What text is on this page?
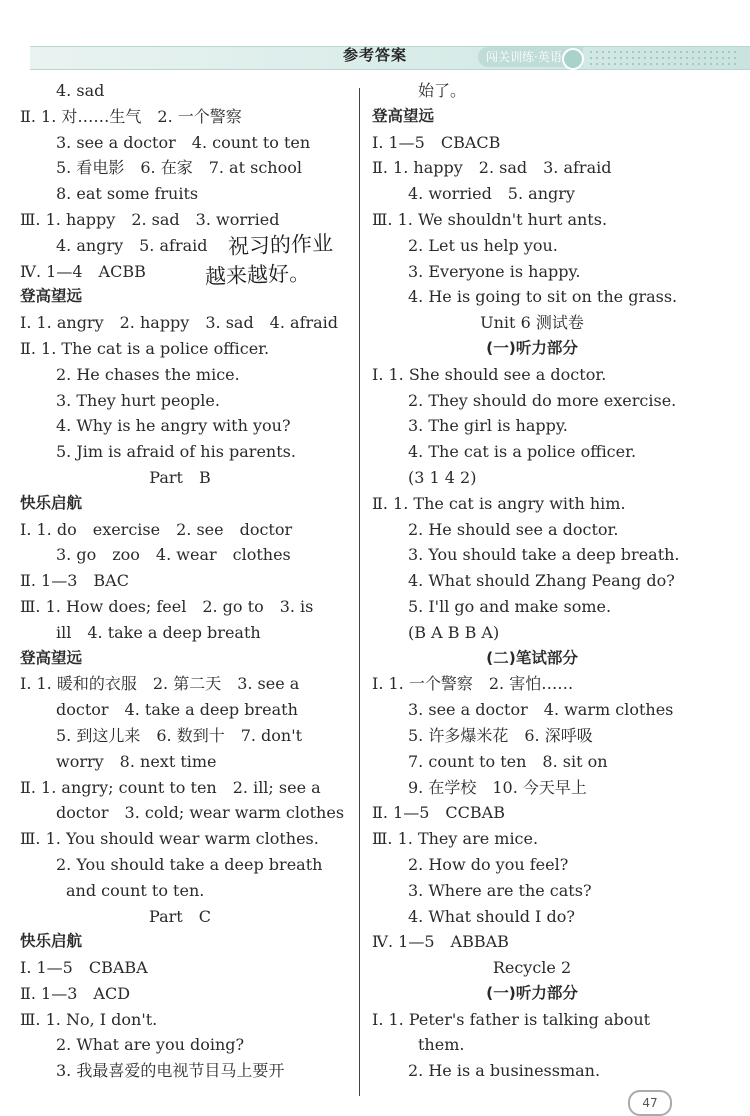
闯关训练·英语
参考答案
4. sad
Ⅱ. 1. 对……生气　2. 一个警察
3. see a doctor　4. count to ten
5. 看电影　6. 在家　7. at school
8. eat some fruits
Ⅲ. 1. happy　2. sad　3. worried
4. angry　5. afraid
Ⅳ. 1—4　ACBB
登高望远
Ⅰ. 1. angry　2. happy　3. sad　4. afraid
Ⅱ. 1. The cat is a police officer.
2. He chases the mice.
3. They hurt people.
4. Why is he angry with you?
5. Jim is afraid of his parents.
Part　B
快乐启航
Ⅰ. 1. do　exercise　2. see　doctor
3. go　zoo　4. wear　clothes
Ⅱ. 1—3　BAC
Ⅲ. 1. How does; feel　2. go to　3. is
ill　4. take a deep breath
登高望远
Ⅰ. 1. 暖和的衣服　2. 第二天　3. see a
doctor　4. take a deep breath
5. 到这儿来　6. 数到十　7. don't
worry　8. next time
Ⅱ. 1. angry; count to ten　2. ill; see a
doctor　3. cold; wear warm clothes
Ⅲ. 1. You should wear warm clothes.
2. You should take a deep breath
and count to ten.
Part　C
快乐启航
Ⅰ. 1—5　CBABA
Ⅱ. 1—3　ACD
Ⅲ. 1. No, I don't.
2. What are you doing?
3. 我最喜爱的电视节目马上要开
始了。
登高望远
Ⅰ. 1—5　CBACB
Ⅱ. 1. happy　2. sad　3. afraid
4. worried　5. angry
Ⅲ. 1. We shouldn't hurt ants.
2. Let us help you.
3. Everyone is happy.
4. He is going to sit on the grass.
Unit 6 测试卷
(一)听力部分
Ⅰ. 1. She should see a doctor.
2. They should do more exercise.
3. The girl is happy.
4. The cat is a police officer.
(3 1 4 2)
Ⅱ. 1. The cat is angry with him.
2. He should see a doctor.
3. You should take a deep breath.
4. What should Zhang Peang do?
5. I'll go and make some.
(B A B B A)
(二)笔试部分
Ⅰ. 1. 一个警察　2. 害怕……
3. see a doctor　4. warm clothes
5. 许多爆米花　6. 深呼吸
7. count to ten　8. sit on
9. 在学校　10. 今天早上
Ⅱ. 1—5　CCBAB
Ⅲ. 1. They are mice.
2. How do you feel?
3. Where are the cats?
4. What should I do?
Ⅳ. 1—5　ABBAB
Recycle 2
(一)听力部分
Ⅰ. 1. Peter's father is talking about
them.
2. He is a businessman.
祝习的作业
越来越好。
47
